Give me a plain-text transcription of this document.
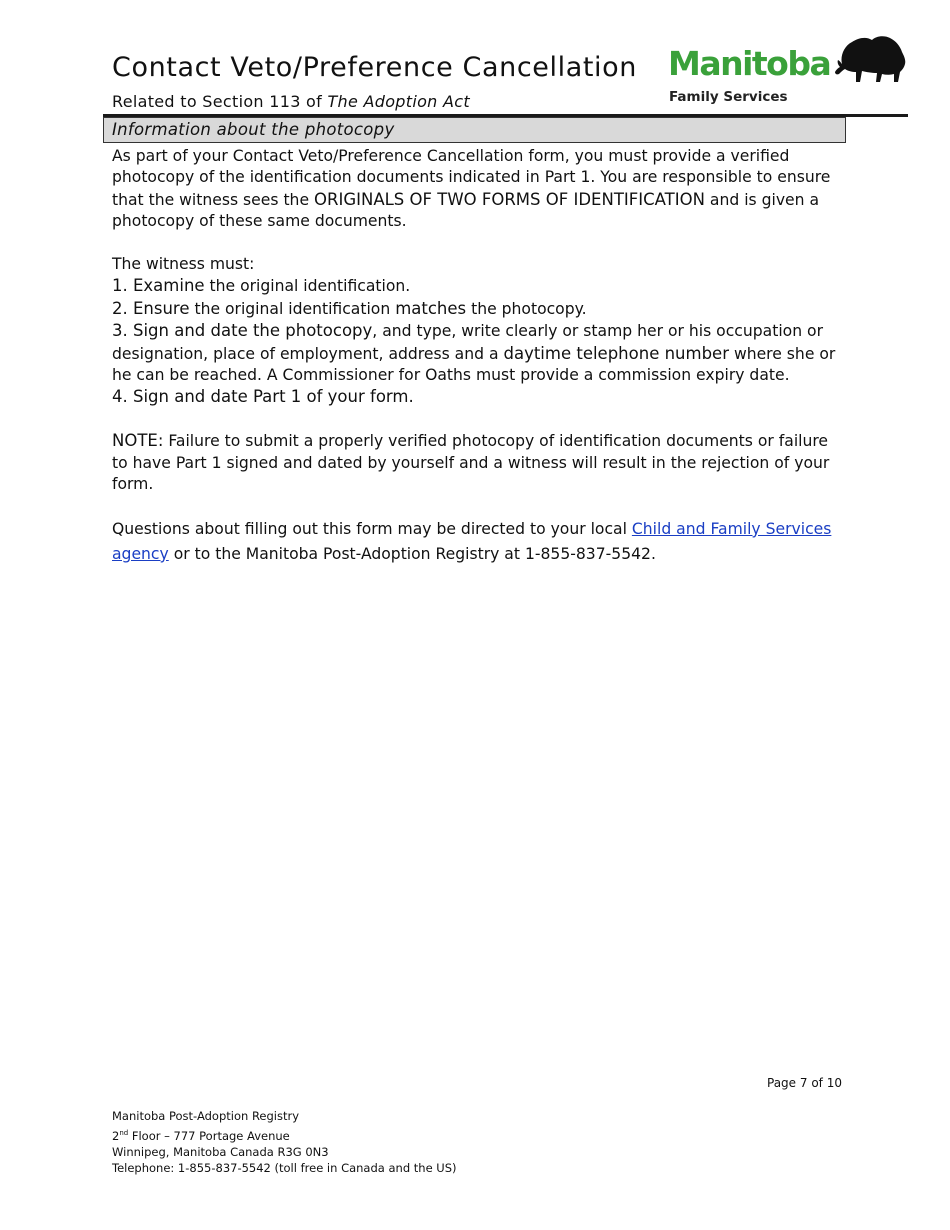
Contact Veto/Preference Cancellation
Related to Section 113 of The Adoption Act
Manitoba
Family Services
Information about the photocopy

As part of your Contact Veto/Preference Cancellation form, you must provide a verified photocopy of the identification documents indicated in Part 1. You are responsible to ensure that the witness sees the ORIGINALS OF TWO FORMS OF IDENTIFICATION and is given a photocopy of these same documents.

The witness must:

1. Examine the original identification.

2. Ensure the original identification matches the photocopy.

3. Sign and date the photocopy, and type, write clearly or stamp her or his occupation or designation, place of employment, address and a daytime telephone number where she or he can be reached. A Commissioner for Oaths must provide a commission expiry date.

4. Sign and date Part 1 of your form.

NOTE: Failure to submit a properly verified photocopy of identification documents or failure to have Part 1 signed and dated by yourself and a witness will result in the rejection of your form.

Questions about filling out this form may be directed to your local Child and Family Services agency or to the Manitoba Post-Adoption Registry at 1-855-837-5542.

Page 7 of 10
Manitoba Post-Adoption Registry
2nd Floor – 777 Portage Avenue
Winnipeg, Manitoba Canada R3G 0N3
Telephone: 1-855-837-5542 (toll free in Canada and the US)
